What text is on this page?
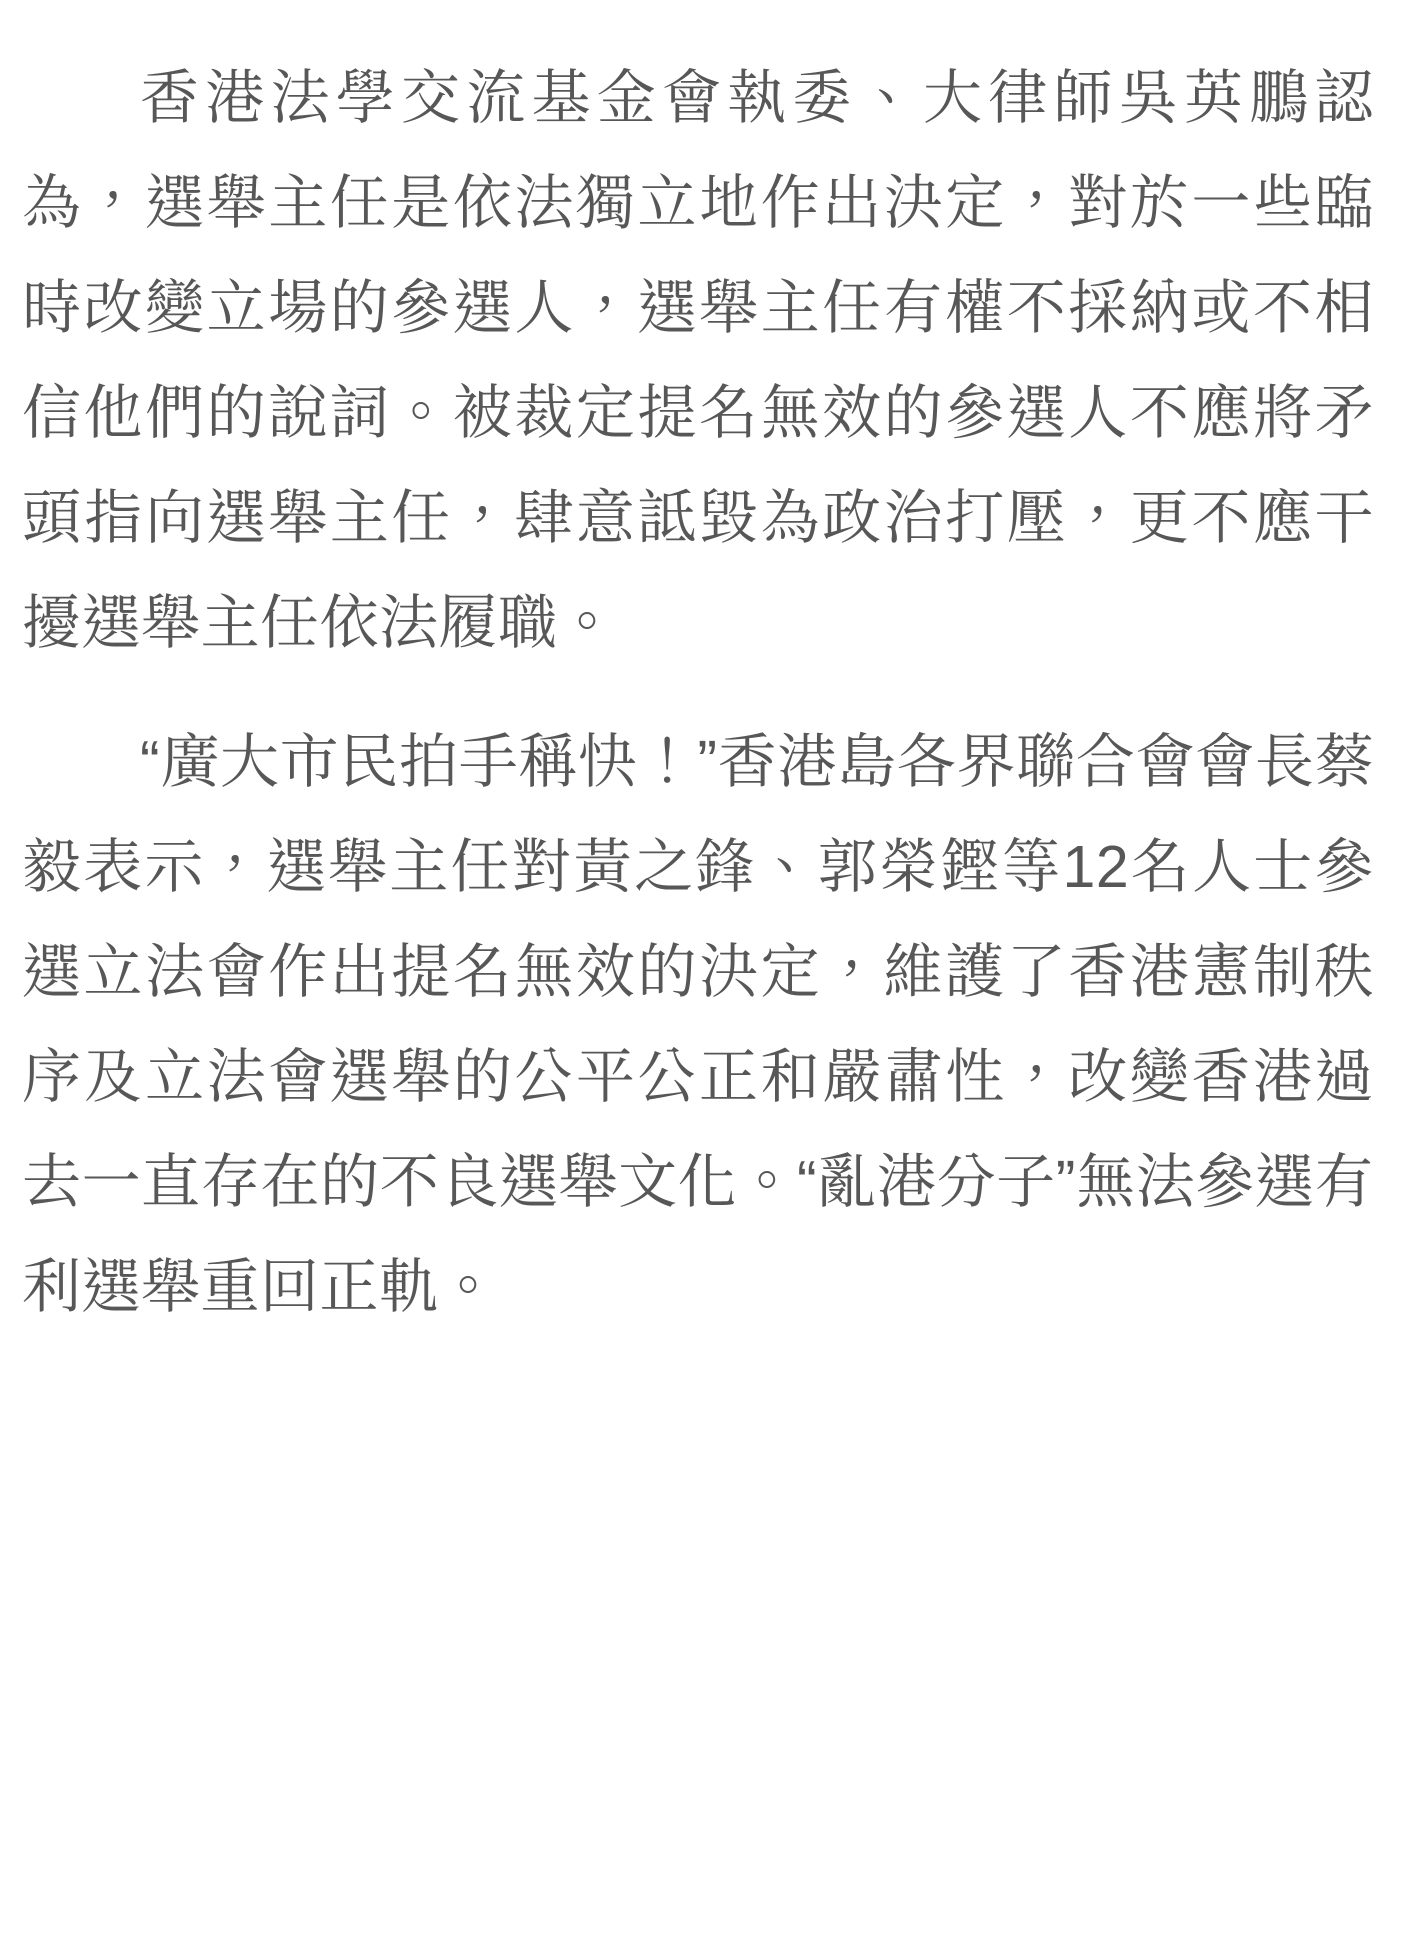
香港法學交流基金會執委、大律師吳英鵬認為，選舉主任是依法獨立地作出決定，對於一些臨時改變立場的參選人，選舉主任有權不採納或不相信他們的說詞。被裁定提名無效的參選人不應將矛頭指向選舉主任，肆意詆毀為政治打壓，更不應干擾選舉主任依法履職。

“廣大市民拍手稱快！”香港島各界聯合會會長蔡毅表示，選舉主任對黃之鋒、郭榮鏗等12名人士參選立法會作出提名無效的決定，維護了香港憲制秩序及立法會選舉的公平公正和嚴肅性，改變香港過去一直存在的不良選舉文化。“亂港分子”無法參選有利選舉重回正軌。
